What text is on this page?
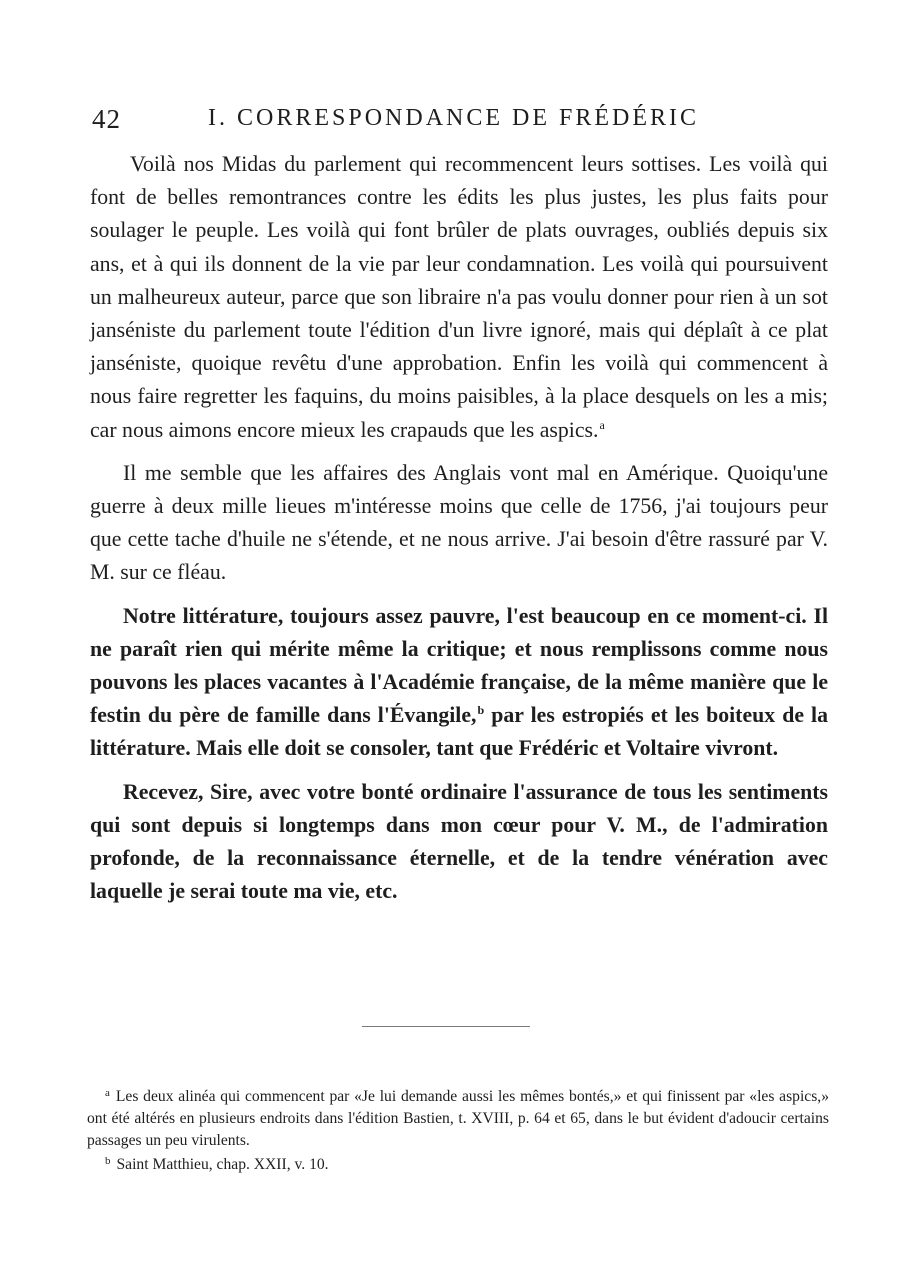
42	I. CORRESPONDANCE DE FRÉDÉRIC

Voilà nos Midas du parlement qui recommencent leurs sottises. Les voilà qui font de belles remontrances contre les édits les plus justes, les plus faits pour soulager le peuple. Les voilà qui font brûler de plats ouvrages, oubliés depuis six ans, et à qui ils donnent de la vie par leur condamnation. Les voilà qui poursuivent un malheureux auteur, parce que son libraire n'a pas voulu donner pour rien à un sot janséniste du parlement toute l'édition d'un livre ignoré, mais qui déplaît à ce plat janséniste, quoique revêtu d'une approbation. Enfin les voilà qui commencent à nous faire regretter les faquins, du moins paisibles, à la place desquels on les a mis; car nous aimons encore mieux les crapauds que les aspics.$^a$

Il me semble que les affaires des Anglais vont mal en Amérique. Quoiqu'une guerre à deux mille lieues m'intéresse moins que celle de 1756, j'ai toujours peur que cette tache d'huile ne s'étende, et ne nous arrive. J'ai besoin d'être rassuré par V. M. sur ce fléau.

Notre littérature, toujours assez pauvre, l'est beaucoup en ce moment-ci. Il ne paraît rien qui mérite même la critique; et nous remplissons comme nous pouvons les places vacantes à l'Académie française, de la même manière que le festin du père de famille dans l'Évangile,$^b$ par les estropiés et les boiteux de la littérature. Mais elle doit se consoler, tant que Frédéric et Voltaire vivront.

Recevez, Sire, avec votre bonté ordinaire l'assurance de tous les sentiments qui sont depuis si longtemps dans mon cœur pour V. M., de l'admiration profonde, de la reconnaissance éternelle, et de la tendre vénération avec laquelle je serai toute ma vie, etc.

$^a$ Les deux alinéa qui commencent par «Je lui demande aussi les mêmes bontés,» et qui finissent par «les aspics,» ont été altérés en plusieurs endroits dans l'édition Bastien, t. XVIII, p. 64 et 65, dans le but évident d'adoucir certains passages un peu virulents.

$^b$ Saint Matthieu, chap. XXII, v. 10.
